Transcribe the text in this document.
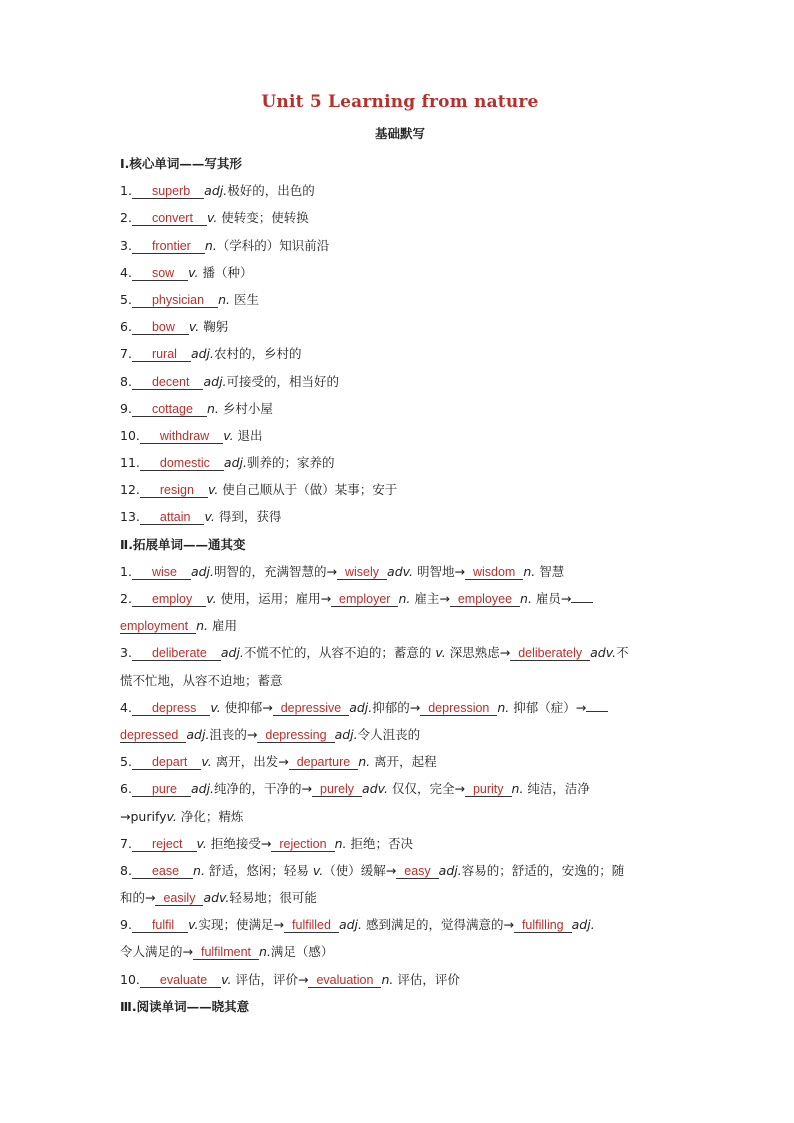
Unit 5 Learning from nature
基础默写
Ⅰ.核心单词——写其形
1. superb adj.极好的，出色的
2. convert v. 使转变；使转换
3. frontier n.（学科的）知识前沿
4. sow v. 播（种）
5. physician n. 医生
6. bow v. 鞠躬
7. rural adj.农村的，乡村的
8. decent adj.可接受的，相当好的
9. cottage n. 乡村小屋
10. withdraw v. 退出
11. domestic adj.驯养的；家养的
12. resign v. 使自己顺从于（做）某事；安于
13. attain v. 得到，获得
Ⅱ.拓展单词——通其变
1. wise adj.明智的，充满智慧的→ wisely adv. 明智地→ wisdom n. 智慧
2. employ v. 使用，运用；雇用→ employer n. 雇主→ employee n. 雇员→
employment n. 雇用
3. deliberate adj.不慌不忙的，从容不迫的；蓄意的 v. 深思熟虑→ deliberately adv.不
慌不忙地，从容不迫地；蓄意
4. depress v. 使抑郁→ depressive adj.抑郁的→ depression n. 抑郁（症）→
depressed adj.沮丧的→ depressing adj.令人沮丧的
5. depart v. 离开，出发→ departure n. 离开，起程
6. pure adj.纯净的，干净的→ purely adv. 仅仅，完全→ purity n. 纯洁，洁净
→purifyv. 净化；精炼
7. reject v. 拒绝接受→ rejection n. 拒绝；否决
8. ease n. 舒适，悠闲；轻易 v.（使）缓解→ easy adj.容易的；舒适的，安逸的；随
和的→ easily adv.轻易地；很可能
9. fulfil v.实现；使满足→ fulfilled adj. 感到满足的，觉得满意的→ fulfilling adj.
令人满足的→ fulfilment n.满足（感）
10. evaluate v. 评估，评价→ evaluation n. 评估，评价
Ⅲ.阅读单词——晓其意
